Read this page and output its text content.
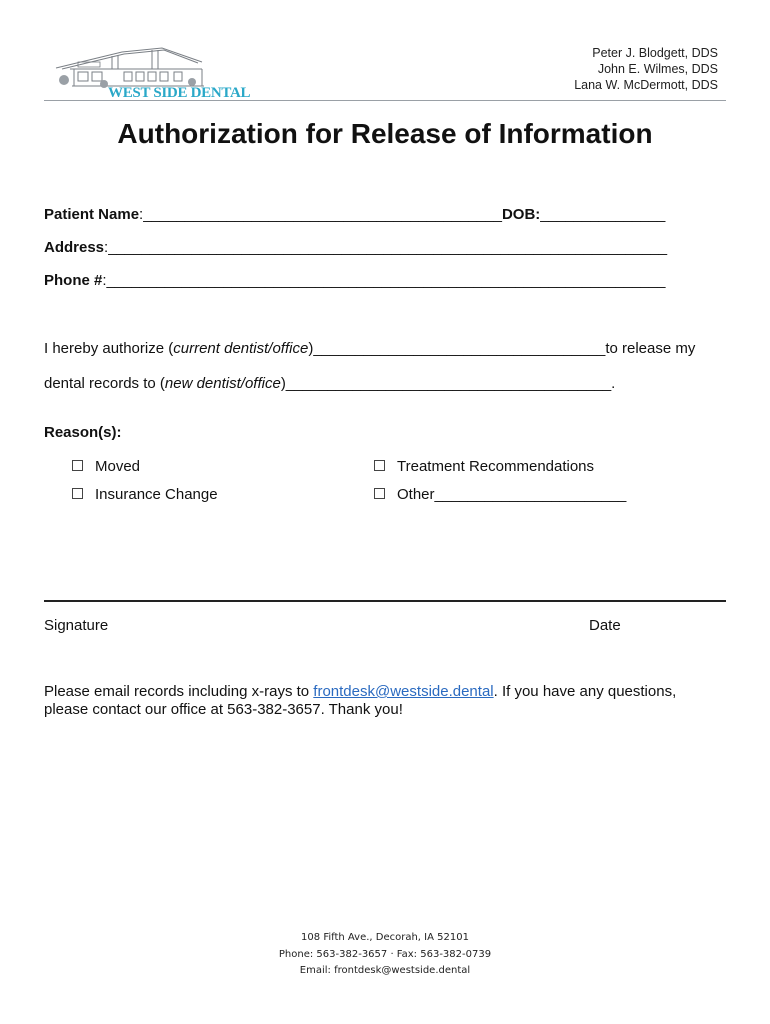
WEST SIDE DENTAL
Peter J. Blodgett, DDS
John E. Wilmes, DDS
Lana W. McDermott, DDS
Authorization for Release of Information
Patient Name:___________________________________________DOB:_______________
Address:___________________________________________________________________
Phone #:___________________________________________________________________
I hereby authorize (current dentist/office)___________________________________to release my
dental records to (new dentist/office)_______________________________________.
Reason(s):
Moved	Treatment Recommendations
Insurance Change	Other_______________________
Signature	Date
Please email records including x-rays to frontdesk@westside.dental. If you have any questions, please contact our office at 563-382-3657. Thank you!
108 Fifth Ave., Decorah, IA 52101
Phone: 563-382-3657 · Fax: 563-382-0739
Email: frontdesk@westside.dental
